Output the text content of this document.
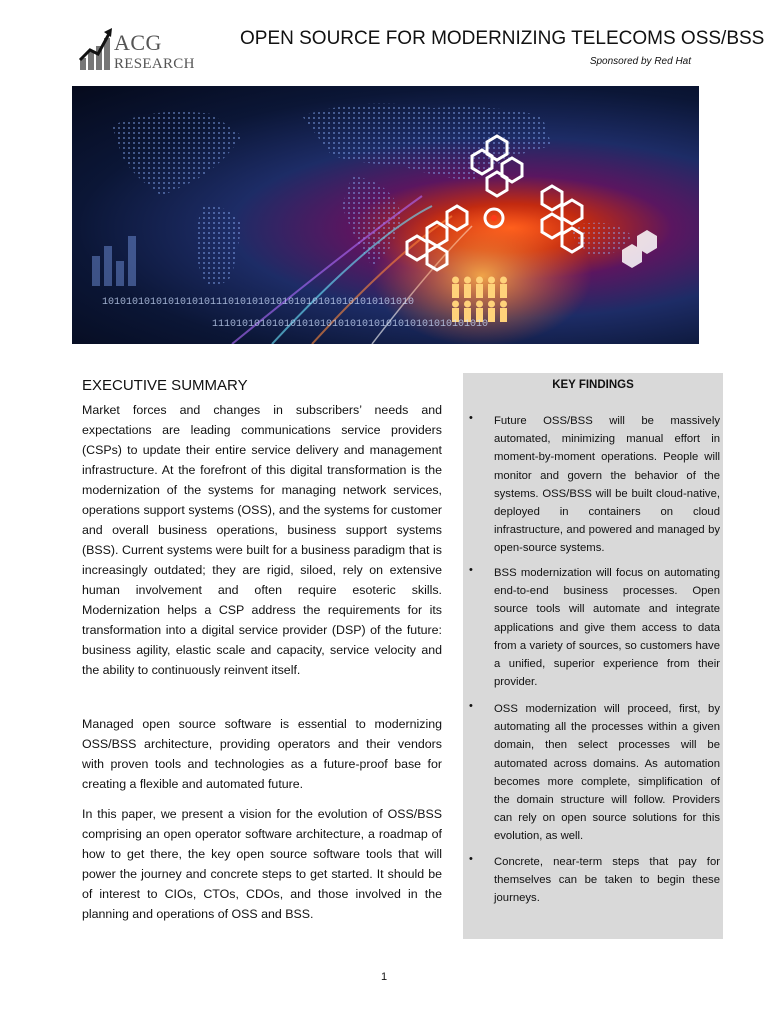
ACG
RESEARCH
OPEN SOURCE FOR MODERNIZING TELECOMS OSS/BSS
Sponsored by Red Hat
1010101010101010101110101010101010101010101010101010
1110101010101010101010101010101010101010101010
EXECUTIVE SUMMARY

Market forces and changes in subscribers’ needs and expectations are leading communications service providers (CSPs) to update their entire service delivery and management infrastructure. At the forefront of this digital transformation is the modernization of the systems for managing network services, operations support systems (OSS), and the systems for customer and overall business operations, business support systems (BSS). Current systems were built for a business paradigm that is increasingly outdated; they are rigid, siloed, rely on extensive human involvement and often require esoteric skills. Modernization helps a CSP address the requirements for its transformation into a digital service provider (DSP) of the future: business agility, elastic scale and capacity, service velocity and the ability to continuously reinvent itself.

Managed open source software is essential to modernizing OSS/BSS architecture, providing operators and their vendors with proven tools and technologies as a future-proof base for creating a flexible and automated future.

In this paper, we present a vision for the evolution of OSS/BSS comprising an open operator software architecture, a roadmap of how to get there, the key open source software tools that will power the journey and concrete steps to get started. It should be of interest to CIOs, CTOs, CDOs, and those involved in the planning and operations of OSS and BSS.

KEY FINDINGS
• Future OSS/BSS will be massively automated, minimizing manual effort in moment-by-moment operations. People will monitor and govern the behavior of the systems. OSS/BSS will be built cloud-native, deployed in containers on cloud infrastructure, and powered and managed by open-source systems.

• BSS modernization will focus on automating end-to-end business processes. Open source tools will automate and integrate applications and give them access to data from a variety of sources, so customers have a unified, superior experience from their provider.

• OSS modernization will proceed, first, by automating all the processes within a given domain, then select processes will be automated across domains. As automation becomes more complete, simplification of the domain structure will follow. Providers can rely on open source solutions for this evolution, as well.

• Concrete, near-term steps that pay for themselves can be taken to begin these journeys.

1
